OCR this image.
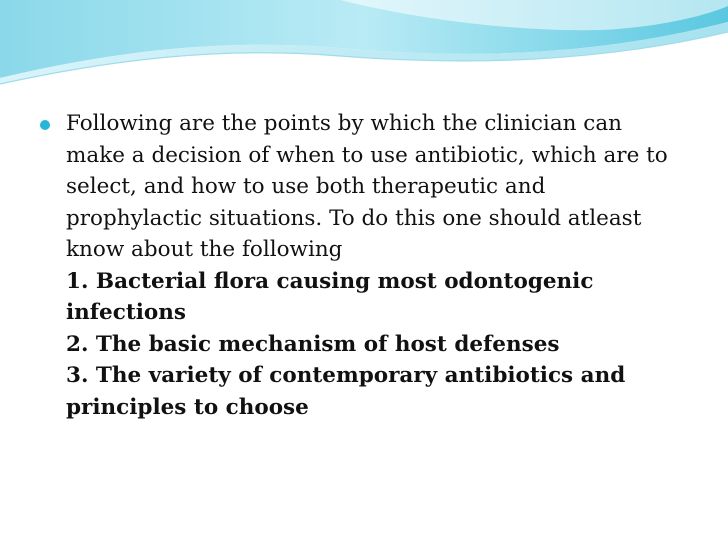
Following are the points by which the clinician can make a decision of when to use antibiotic, which are to select, and how to use both therapeutic and prophylactic situations. To do this one should atleast know about the following
1. Bacterial flora causing most odontogenic infections
2. The basic mechanism of host defenses
3. The variety of contemporary antibiotics and principles to choose
